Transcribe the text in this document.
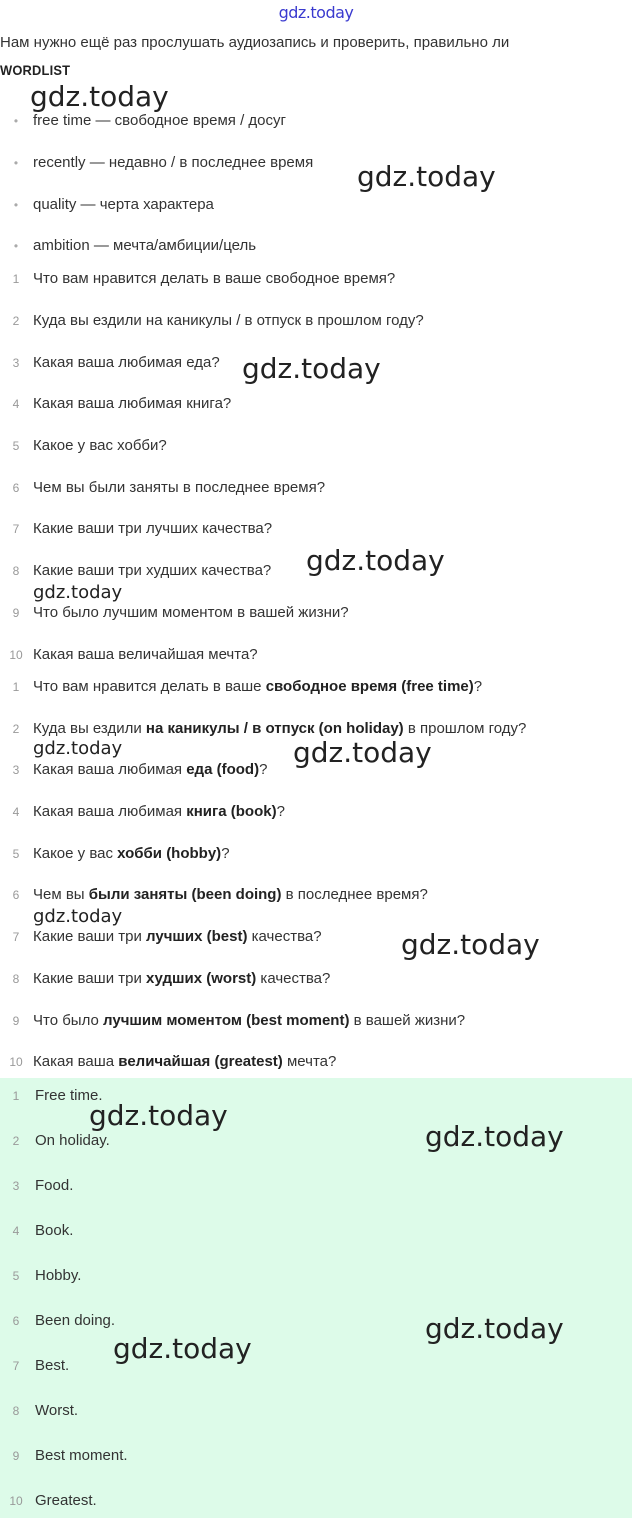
gdz.today
Нам нужно ещё раз прослушать аудиозапись и проверить, правильно ли
WORDLIST
• free time — свободное время / досуг
• recently — недавно / в последнее время
• quality — черта характера
• ambition — мечта/амбиции/цель
1 Что вам нравится делать в ваше свободное время?
2 Куда вы ездили на каникулы / в отпуск в прошлом году?
3 Какая ваша любимая еда?
4 Какая ваша любимая книга?
5 Какое у вас хобби?
6 Чем вы были заняты в последнее время?
7 Какие ваши три лучших качества?
8 Какие ваши три худших качества?
9 Что было лучшим моментом в вашей жизни?
10 Какая ваша величайшая мечта?
1 Что вам нравится делать в ваше свободное время (free time)?
2 Куда вы ездили на каникулы / в отпуск (on holiday) в прошлом году?
3 Какая ваша любимая еда (food)?
4 Какая ваша любимая книга (book)?
5 Какое у вас хобби (hobby)?
6 Чем вы были заняты (been doing) в последнее время?
7 Какие ваши три лучших (best) качества?
8 Какие ваши три худших (worst) качества?
9 Что было лучшим моментом (best moment) в вашей жизни?
10 Какая ваша величайшая (greatest) мечта?
1	Free time.
2	On holiday.
3	Food.
4	Book.
5	Hobby.
6	Been doing.
7	Best.
8	Worst.
9	Best moment.
10 Greatest.
gdz.today
gdz.today
gdz.today
gdz.today
gdz.today
gdz.today	gdz.today
gdz.today
gdz.today
gdz.today
gdz.today
gdz.today
gdz.today
